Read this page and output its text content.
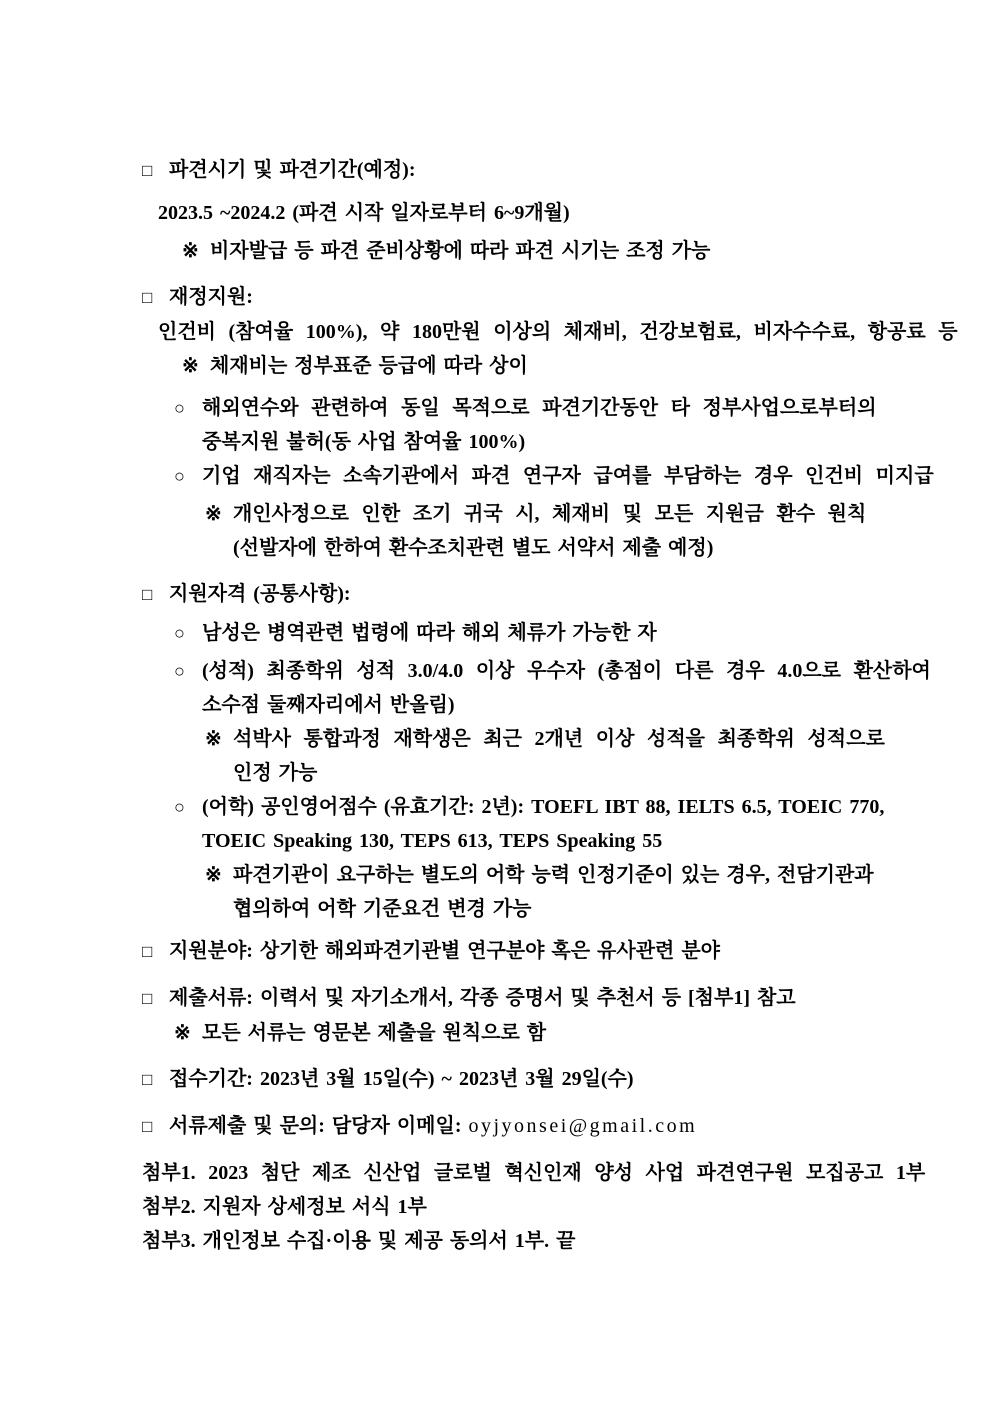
□ 파견시기 및 파견기간(예정):
2023.5 ~2024.2 (파견 시작 일자로부터 6~9개월)
※ 비자발급 등 파견 준비상황에 따라 파견 시기는 조정 가능
□ 재정지원:
인건비 (참여율 100%), 약 180만원 이상의 체재비, 건강보험료, 비자수수료, 항공료 등
※ 체재비는 정부표준 등급에 따라 상이
○ 해외연수와 관련하여 동일 목적으로 파견기간동안 타 정부사업으로부터의
중복지원 불허(동 사업 참여율 100%)
○ 기업 재직자는 소속기관에서 파견 연구자 급여를 부담하는 경우 인건비 미지급
※ 개인사정으로 인한 조기 귀국 시, 체재비 및 모든 지원금 환수 원칙
(선발자에 한하여 환수조치관련 별도 서약서 제출 예정)
□ 지원자격 (공통사항):
○ 남성은 병역관련 법령에 따라 해외 체류가 가능한 자
○ (성적) 최종학위 성적 3.0/4.0 이상 우수자 (총점이 다른 경우 4.0으로 환산하여
소수점 둘째자리에서 반올림)
※ 석박사 통합과정 재학생은 최근 2개년 이상 성적을 최종학위 성적으로
인정 가능
○ (어학) 공인영어점수 (유효기간: 2년): TOEFL IBT 88, IELTS 6.5, TOEIC 770,
TOEIC Speaking 130, TEPS 613, TEPS Speaking 55
※ 파견기관이 요구하는 별도의 어학 능력 인정기준이 있는 경우, 전담기관과
협의하여 어학 기준요건 변경 가능
□ 지원분야: 상기한 해외파견기관별 연구분야 혹은 유사관련 분야
□ 제출서류: 이력서 및 자기소개서, 각종 증명서 및 추천서 등 [첨부1] 참고
※ 모든 서류는 영문본 제출을 원칙으로 함
□ 접수기간: 2023년 3월 15일(수) ~ 2023년 3월 29일(수)
□ 서류제출 및 문의: 담당자 이메일: oyjyonsei@gmail.com
첨부1. 2023 첨단 제조 신산업 글로벌 혁신인재 양성 사업 파견연구원 모집공고 1부
첨부2. 지원자 상세정보 서식 1부
첨부3. 개인정보 수집·이용 및 제공 동의서 1부. 끝
